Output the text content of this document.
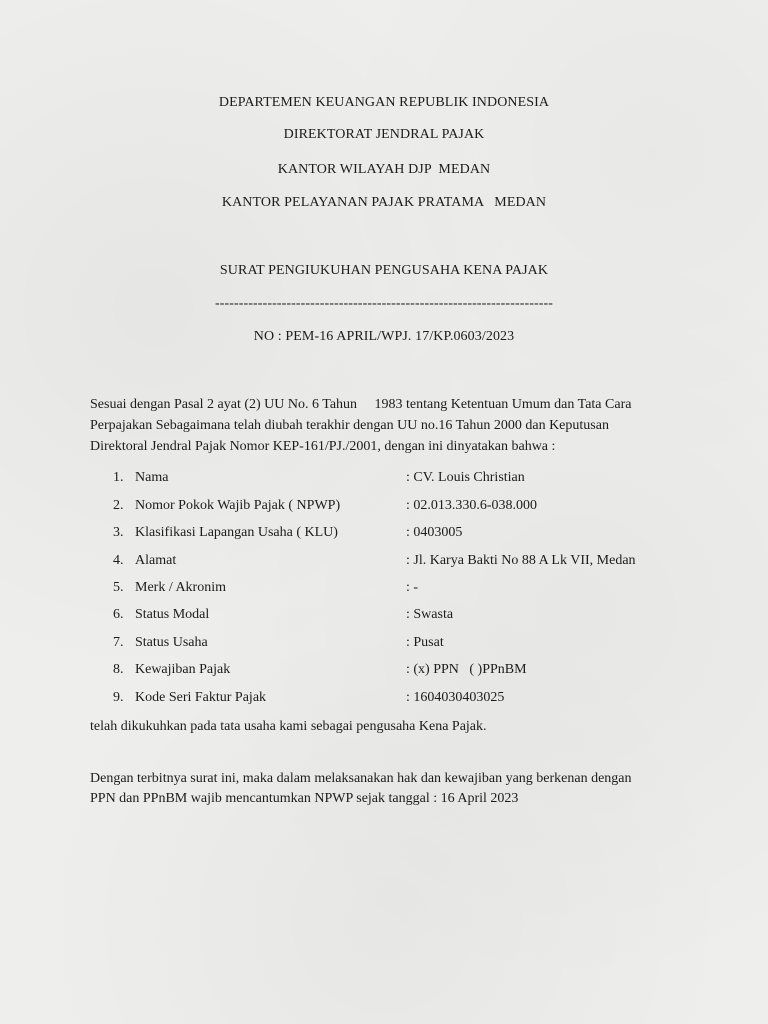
DEPARTEMEN KEUANGAN REPUBLIK INDONESIA
DIREKTORAT JENDRAL PAJAK
KANTOR WILAYAH DJP  MEDAN
KANTOR PELAYANAN PAJAK PRATAMA   MEDAN
SURAT PENGIUKUHAN PENGUSAHA KENA PAJAK
-----------------------------------------------------------------------
NO : PEM-16 APRIL/WPJ. 17/KP.0603/2023
Sesuai dengan Pasal 2 ayat (2) UU No. 6 Tahun     1983 tentang Ketentuan Umum dan Tata Cara
Perpajakan Sebagaimana telah diubah terakhir dengan UU no.16 Tahun 2000 dan Keputusan
Direktoral Jendral Pajak Nomor KEP-161/PJ./2001, dengan ini dinyatakan bahwa :
1. Nama	: CV. Louis Christian
2. Nomor Pokok Wajib Pajak ( NPWP)	: 02.013.330.6-038.000
3. Klasifikasi Lapangan Usaha ( KLU)	: 0403005
4. Alamat	: Jl. Karya Bakti No 88 A Lk VII, Medan
5. Merk / Akronim	: -
6. Status Modal	: Swasta
7. Status Usaha	: Pusat
8. Kewajiban Pajak	: (x) PPN   ( )PPnBM
9. Kode Seri Faktur Pajak	: 1604030403025
telah dikukuhkan pada tata usaha kami sebagai pengusaha Kena Pajak.
Dengan terbitnya surat ini, maka dalam melaksanakan hak dan kewajiban yang berkenan dengan
PPN dan PPnBM wajib mencantumkan NPWP sejak tanggal : 16 April 2023
